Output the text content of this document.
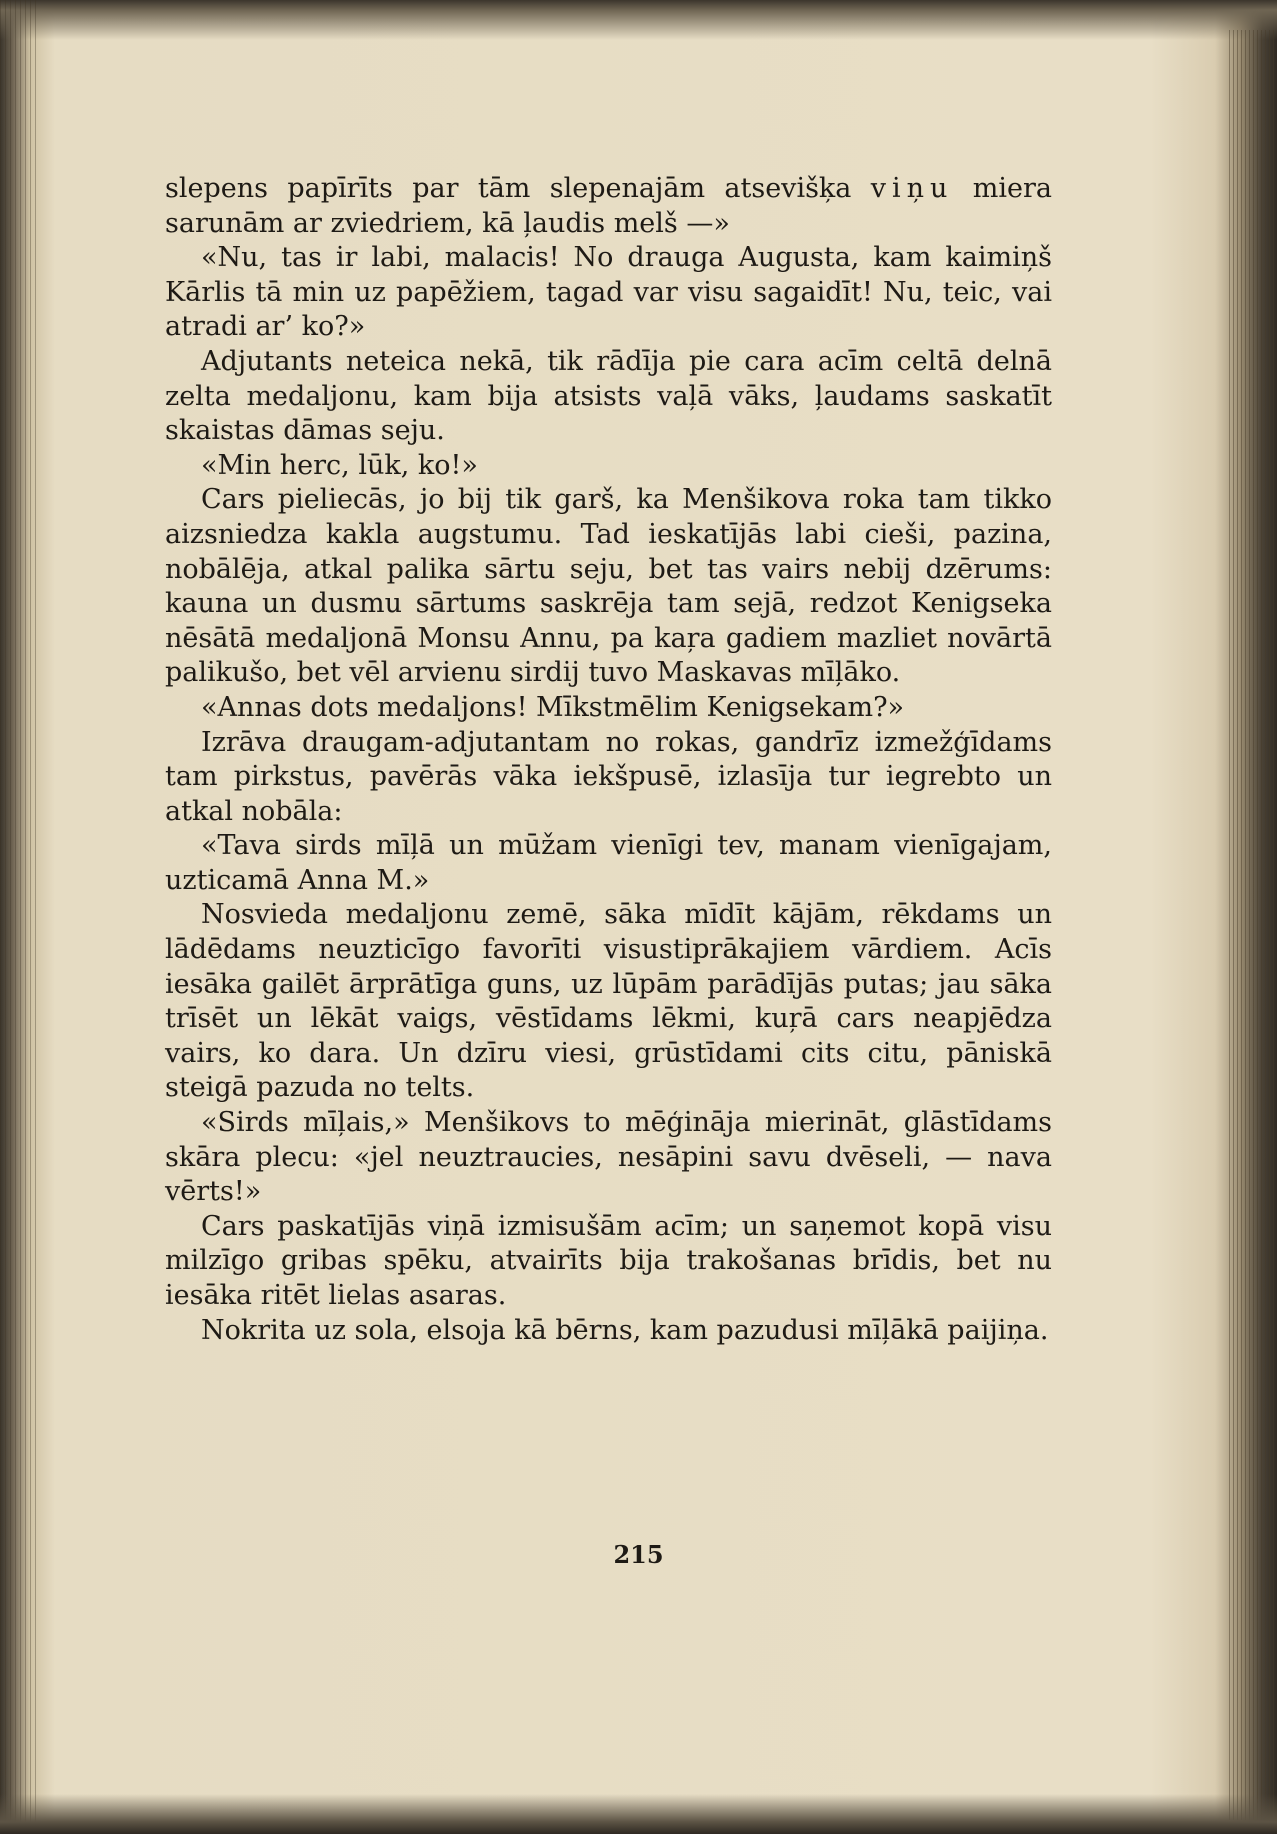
slepens papīrīts par tām slepenajām atsevišķa viņu miera sarunām ar zviedriem, kā ļaudis melš —»

«Nu, tas ir labi, malacis! No drauga Augusta, kam kaimiņš Kārlis tā min uz papēžiem, tagad var visu sagaidīt! Nu, teic, vai atradi ar’ ko?»

Adjutants neteica nekā, tik rādīja pie cara acīm celtā delnā zelta medaljonu, kam bija atsists vaļā vāks, ļaudams saskatīt skaistas dāmas seju.

«Min herc, lūk, ko!»

Cars pieliecās, jo bij tik garš, ka Menšikova roka tam tikko aizsniedza kakla augstumu. Tad ieskatījās labi cieši, pazina, nobālēja, atkal palika sārtu seju, bet tas vairs nebij dzērums: kauna un dusmu sārtums saskrēja tam sejā, redzot Kenigseka nēsātā medaljonā Monsu Annu, pa kaŗa gadiem mazliet novārtā palikušo, bet vēl arvienu sirdij tuvo Maskavas mīļāko.

«Annas dots medaljons! Mīkstmēlim Kenigsekam?»

Izrāva draugam-adjutantam no rokas, gandrīz izmežģīdams tam pirkstus, pavērās vāka iekšpusē, izlasīja tur iegrebto un atkal nobāla:

«Tava sirds mīļā un mūžam vienīgi tev, manam vienīgajam, uzticamā Anna M.»

Nosvieda medaljonu zemē, sāka mīdīt kājām, rēkdams un lādēdams neuzticīgo favorīti visustiprākajiem vārdiem. Acīs iesāka gailēt ārprātīga guns, uz lūpām parādījās putas; jau sāka trīsēt un lēkāt vaigs, vēstīdams lēkmi, kuŗā cars neapjēdza vairs, ko dara. Un dzīru viesi, grūstīdami cits citu, pāniskā steigā pazuda no telts.

«Sirds mīļais,» Menšikovs to mēģināja mierināt, glāstīdams skāra plecu: «jel neuztraucies, nesāpini savu dvēseli, — nava vērts!»

Cars paskatījās viņā izmisušām acīm; un saņemot kopā visu milzīgo gribas spēku, atvairīts bija trakošanas brīdis, bet nu iesāka ritēt lielas asaras.

Nokrita uz sola, elsoja kā bērns, kam pazudusi mīļākā paijiņa.

215
